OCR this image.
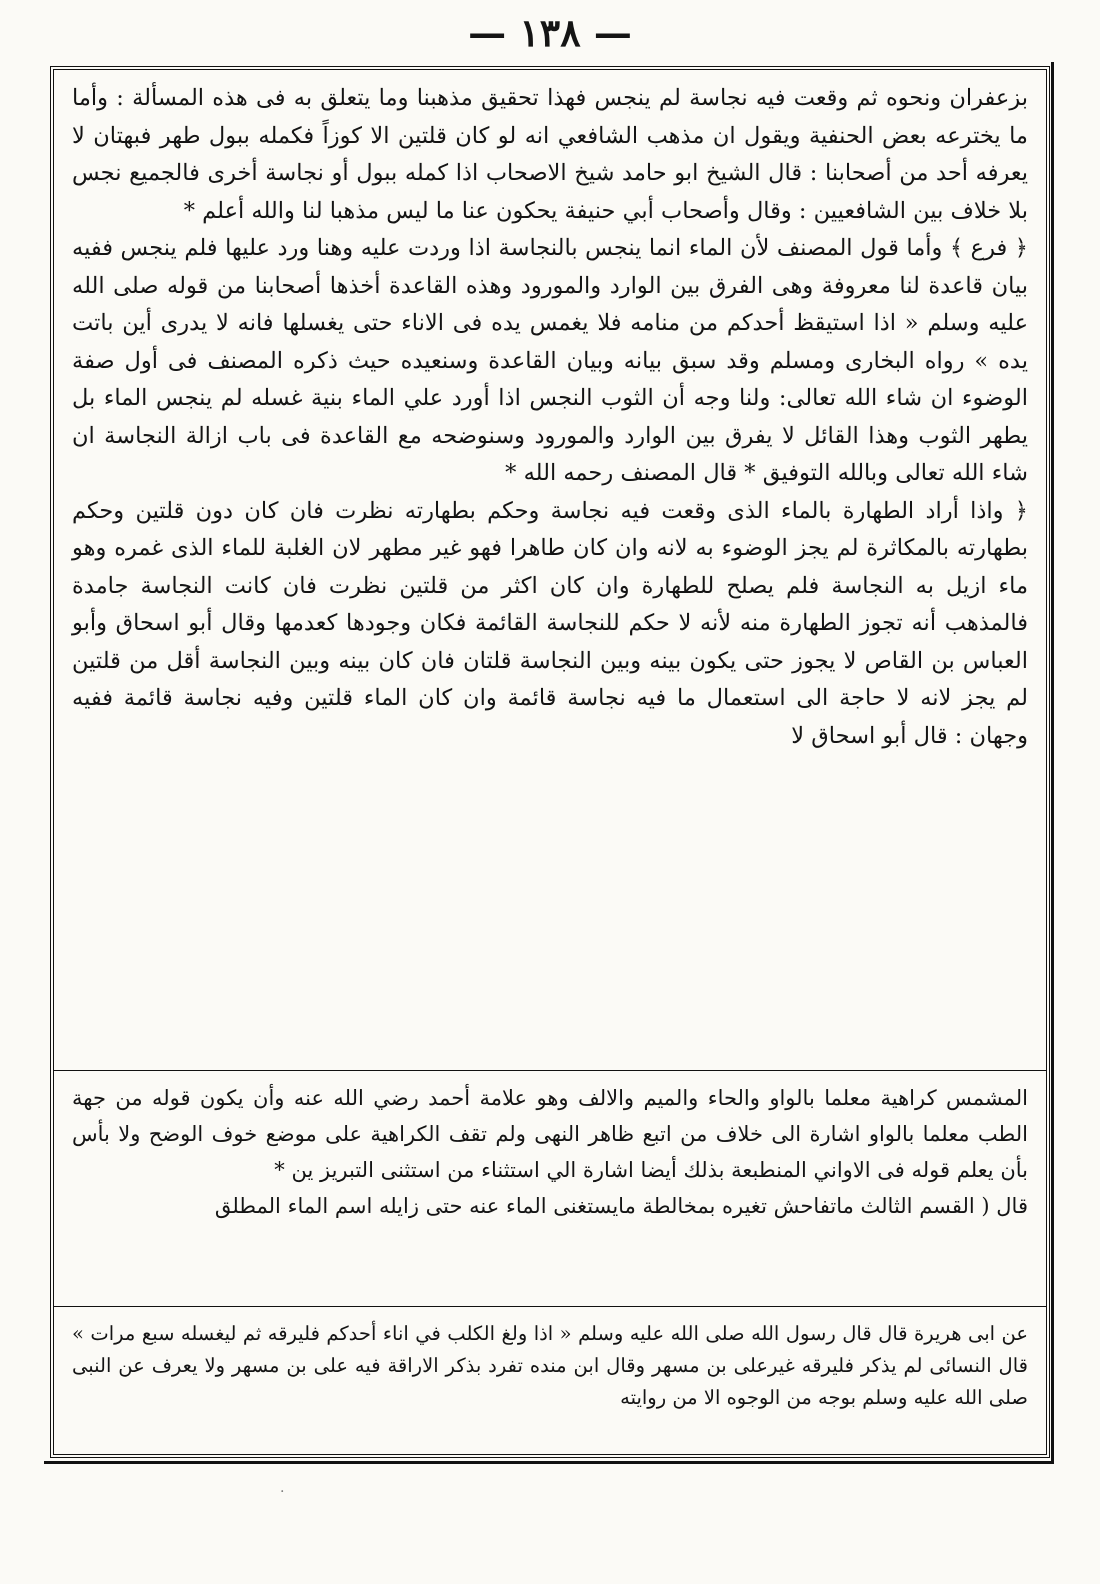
— ١٣٨ —

بزعفران ونحوه ثم وقعت فيه نجاسة لم ينجس فهذا تحقيق مذهبنا وما يتعلق به فى هذه المسألة : وأما ما يخترعه بعض الحنفية ويقول ان مذهب الشافعي انه لو كان قلتين الا كوزاً فكمله ببول طهر فبهتان لا يعرفه أحد من أصحابنا : قال الشيخ ابو حامد شيخ الاصحاب اذا كمله ببول أو نجاسة أخرى فالجميع نجس بلا خلاف بين الشافعيين : وقال وأصحاب أبي حنيفة يحكون عنا ما ليس مذهبا لنا والله أعلم *

﴿ فرع ﴾ وأما قول المصنف لأن الماء انما ينجس بالنجاسة اذا وردت عليه وهنا ورد عليها فلم ينجس ففيه بيان قاعدة لنا معروفة وهى الفرق بين الوارد والمورود وهذه القاعدة أخذها أصحابنا من قوله صلى الله عليه وسلم « اذا استيقظ أحدكم من منامه فلا يغمس يده فى الاناء حتى يغسلها فانه لا يدرى أين باتت يده » رواه البخارى ومسلم وقد سبق بيانه وبيان القاعدة وسنعيده حيث ذكره المصنف فى أول صفة الوضوء ان شاء الله تعالى: ولنا وجه أن الثوب النجس اذا أورد علي الماء بنية غسله لم ينجس الماء بل يطهر الثوب وهذا القائل لا يفرق بين الوارد والمورود وسنوضحه مع القاعدة فى باب ازالة النجاسة ان شاء الله تعالى وبالله التوفيق * قال المصنف رحمه الله *

﴿ واذا أراد الطهارة بالماء الذى وقعت فيه نجاسة وحكم بطهارته نظرت فان كان دون قلتين وحكم بطهارته بالمكاثرة لم يجز الوضوء به لانه وان كان طاهرا فهو غير مطهر لان الغلبة للماء الذى غمره وهو ماء ازيل به النجاسة فلم يصلح للطهارة وان كان اكثر من قلتين نظرت فان كانت النجاسة جامدة فالمذهب أنه تجوز الطهارة منه لأنه لا حكم للنجاسة القائمة فكان وجودها كعدمها وقال أبو اسحاق وأبو العباس بن القاص لا يجوز حتى يكون بينه وبين النجاسة قلتان فان كان بينه وبين النجاسة أقل من قلتين لم يجز لانه لا حاجة الى استعمال ما فيه نجاسة قائمة وان كان الماء قلتين وفيه نجاسة قائمة ففيه وجهان : قال أبو اسحاق لا

المشمس كراهية معلما بالواو والحاء والميم والالف وهو علامة أحمد رضي الله عنه وأن يكون قوله من جهة الطب معلما بالواو اشارة الى خلاف من اتبع ظاهر النهى ولم تقف الكراهية على موضع خوف الوضح ولا بأس بأن يعلم قوله فى الاواني المنطبعة بذلك أيضا اشارة الي استثناء من استثنى التبريز ين *

قال ( القسم الثالث ماتفاحش تغيره بمخالطة مايستغنى الماء عنه حتى زايله اسم الماء المطلق

عن ابى هريرة قال قال رسول الله صلى الله عليه وسلم « اذا ولغ الكلب في اناء أحدكم فليرقه ثم ليغسله سبع مرات » قال النسائى لم يذكر فليرقه غيرعلى بن مسهر وقال ابن منده تفرد بذكر الاراقة فيه على بن مسهر ولا يعرف عن النبى صلى الله عليه وسلم بوجه من الوجوه الا من روايته

.
